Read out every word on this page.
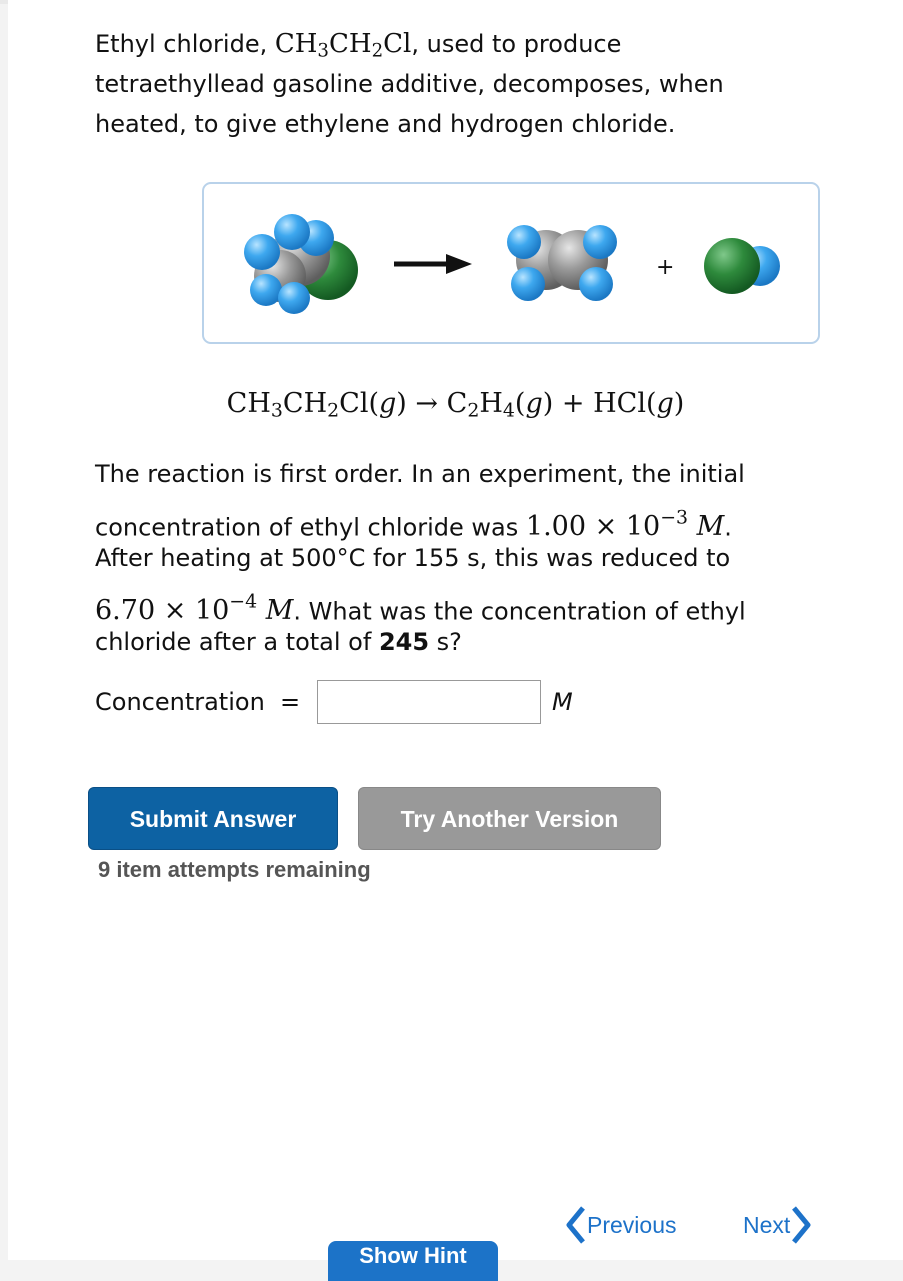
Ethyl chloride, $CH_3CH_2Cl$, used to produce
tetraethyllead gasoline additive, decomposes, when
heated, to give ethylene and hydrogen chloride.
+
$CH_3CH_2Cl(g) \to C_2H_4(g) + HCl(g)$
The reaction is first order. In an experiment, the initial
concentration of ethyl chloride was $1.00 \times 10^{-3}$ M.
After heating at 500°C for 155 s, this was reduced to
$6.70 \times 10^{-4}$ M. What was the concentration of ethyl
chloride after a total of 245 s?
Concentration  =	M
Submit Answer	Try Another Version
9 item attempts remaining
Previous	Next
Show Hint
